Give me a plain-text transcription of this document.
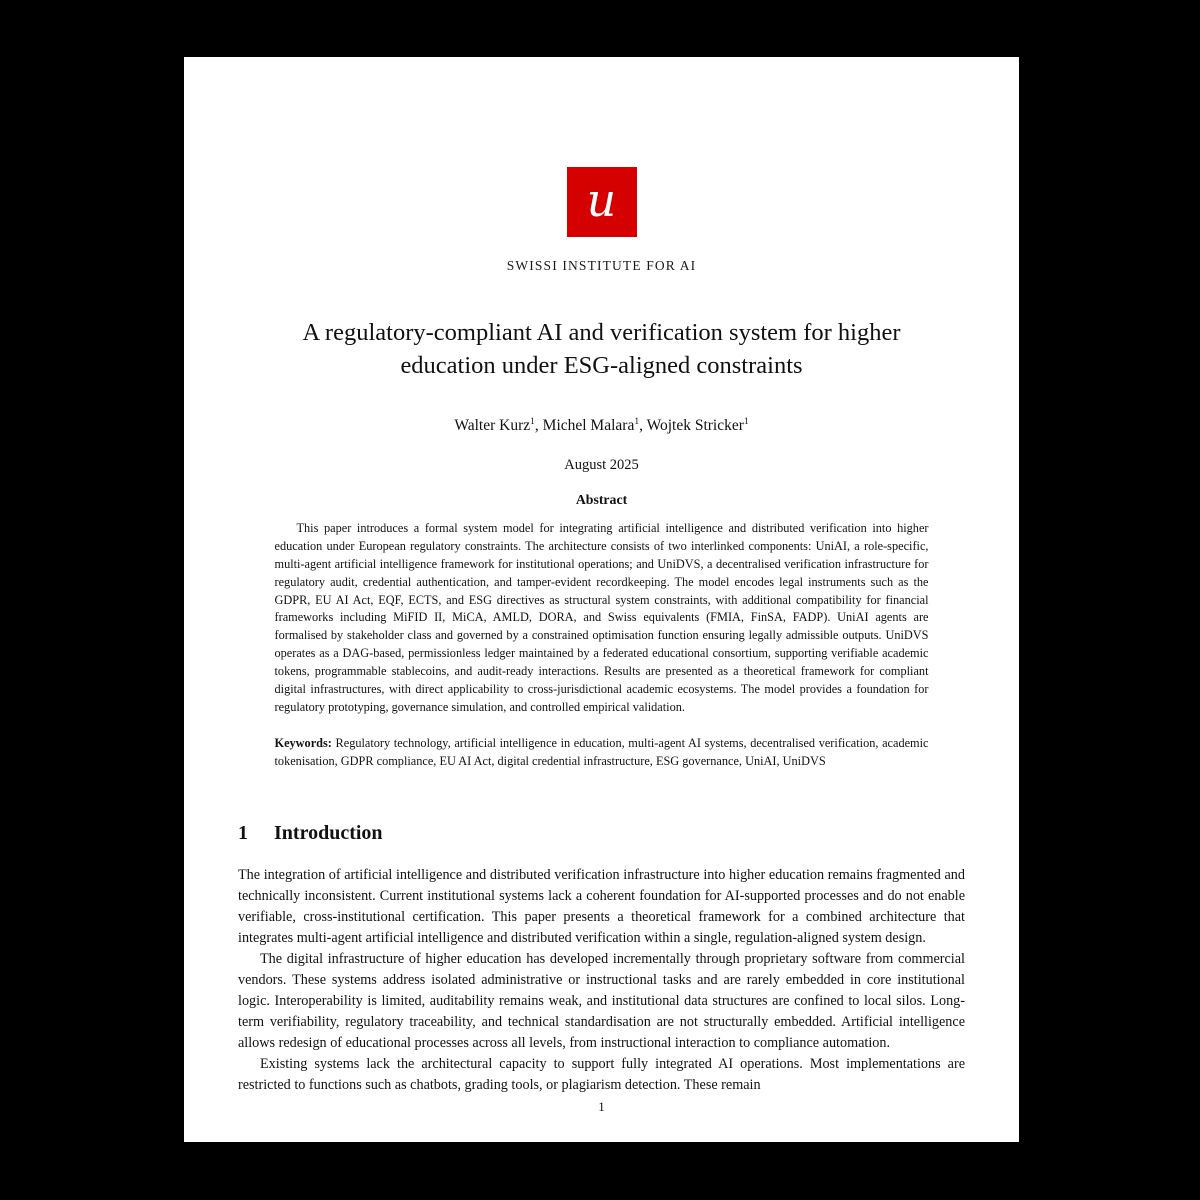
u
SWISSI INSTITUTE FOR AI
A regulatory-compliant AI and verification system for higher education under ESG-aligned constraints
Walter Kurz$^1$, Michel Malara$^1$, Wojtek Stricker$^1$
August 2025
Abstract

This paper introduces a formal system model for integrating artificial intelligence and distributed verification into higher education under European regulatory constraints. The architecture consists of two interlinked components: UniAI, a role-specific, multi-agent artificial intelligence framework for institutional operations; and UniDVS, a decentralised verification infrastructure for regulatory audit, credential authentication, and tamper-evident recordkeeping. The model encodes legal instruments such as the GDPR, EU AI Act, EQF, ECTS, and ESG directives as structural system constraints, with additional compatibility for financial frameworks including MiFID II, MiCA, AMLD, DORA, and Swiss equivalents (FMIA, FinSA, FADP). UniAI agents are formalised by stakeholder class and governed by a constrained optimisation function ensuring legally admissible outputs. UniDVS operates as a DAG-based, permissionless ledger maintained by a federated educational consortium, supporting verifiable academic tokens, programmable stablecoins, and audit-ready interactions. Results are presented as a theoretical framework for compliant digital infrastructures, with direct applicability to cross-jurisdictional academic ecosystems. The model provides a foundation for regulatory prototyping, governance simulation, and controlled empirical validation.

Keywords: Regulatory technology, artificial intelligence in education, multi-agent AI systems, decentralised verification, academic tokenisation, GDPR compliance, EU AI Act, digital credential infrastructure, ESG governance, UniAI, UniDVS

1 Introduction

The integration of artificial intelligence and distributed verification infrastructure into higher education remains fragmented and technically inconsistent. Current institutional systems lack a coherent foundation for AI-supported processes and do not enable verifiable, cross-institutional certification. This paper presents a theoretical framework for a combined architecture that integrates multi-agent artificial intelligence and distributed verification within a single, regulation-aligned system design.

The digital infrastructure of higher education has developed incrementally through proprietary software from commercial vendors. These systems address isolated administrative or instructional tasks and are rarely embedded in core institutional logic. Interoperability is limited, auditability remains weak, and institutional data structures are confined to local silos. Long-term verifiability, regulatory traceability, and technical standardisation are not structurally embedded. Artificial intelligence allows redesign of educational processes across all levels, from instructional interaction to compliance automation.

Existing systems lack the architectural capacity to support fully integrated AI operations. Most implementations are restricted to functions such as chatbots, grading tools, or plagiarism detection. These remain

1
